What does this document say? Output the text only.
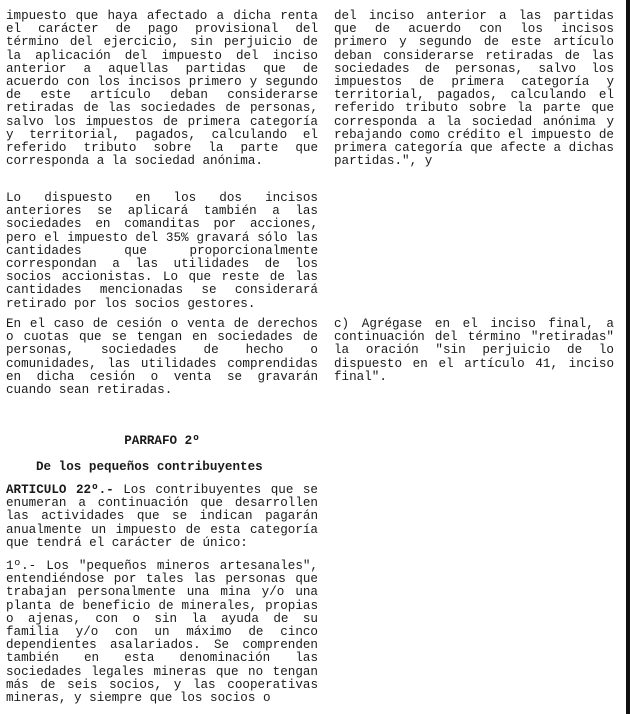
impuesto que haya afectado a dicha renta el carácter de pago provisional del término del ejercicio, sin perjuicio de la aplicación del impuesto del inciso anterior a aquellas partidas que de acuerdo con los incisos primero y segundo de este artículo deban considerarse retiradas de las sociedades de personas, salvo los impuestos de primera categoría y territorial, pagados, calculando el referido tributo sobre la parte que corresponda a la sociedad anónima.

Lo dispuesto en los dos incisos anteriores se aplicará también a las sociedades en comanditas por acciones, pero el impuesto del 35% gravará sólo las cantidades que proporcionalmente correspondan a las utilidades de los socios accionistas. Lo que reste de las cantidades mencionadas se considerará retirado por los socios gestores.

En el caso de cesión o venta de derechos o cuotas que se tengan en sociedades de personas, sociedades de hecho o comunidades, las utilidades comprendidas en dicha cesión o venta se gravarán cuando sean retiradas.

PARRAFO 2º
De los pequeños contribuyentes

ARTICULO 22º.- Los contribuyentes que se enumeran a continuación que desarrollen las actividades que se indican pagarán anualmente un impuesto de esta categoría que tendrá el carácter de único:

1º.- Los "pequeños mineros artesanales", entendiéndose por tales las personas que trabajan personalmente una mina y/o una planta de beneficio de minerales, propias o ajenas, con o sin la ayuda de su familia y/o con un máximo de cinco dependientes asalariados. Se comprenden también en esta denominación las sociedades legales mineras que no tengan más de seis socios, y las cooperativas mineras, y siempre que los socios o

del inciso anterior a las partidas que de acuerdo con los incisos primero y segundo de este artículo deban considerarse retiradas de las sociedades de personas, salvo los impuestos de primera categoría y territorial, pagados, calculando el referido tributo sobre la parte que corresponda a la sociedad anónima y rebajando como crédito el impuesto de primera categoría que afecte a dichas partidas.", y

c) Agrégase en el inciso final, a continuación del término "retiradas" la oración "sin perjuicio de lo dispuesto en el artículo 41, inciso final".
